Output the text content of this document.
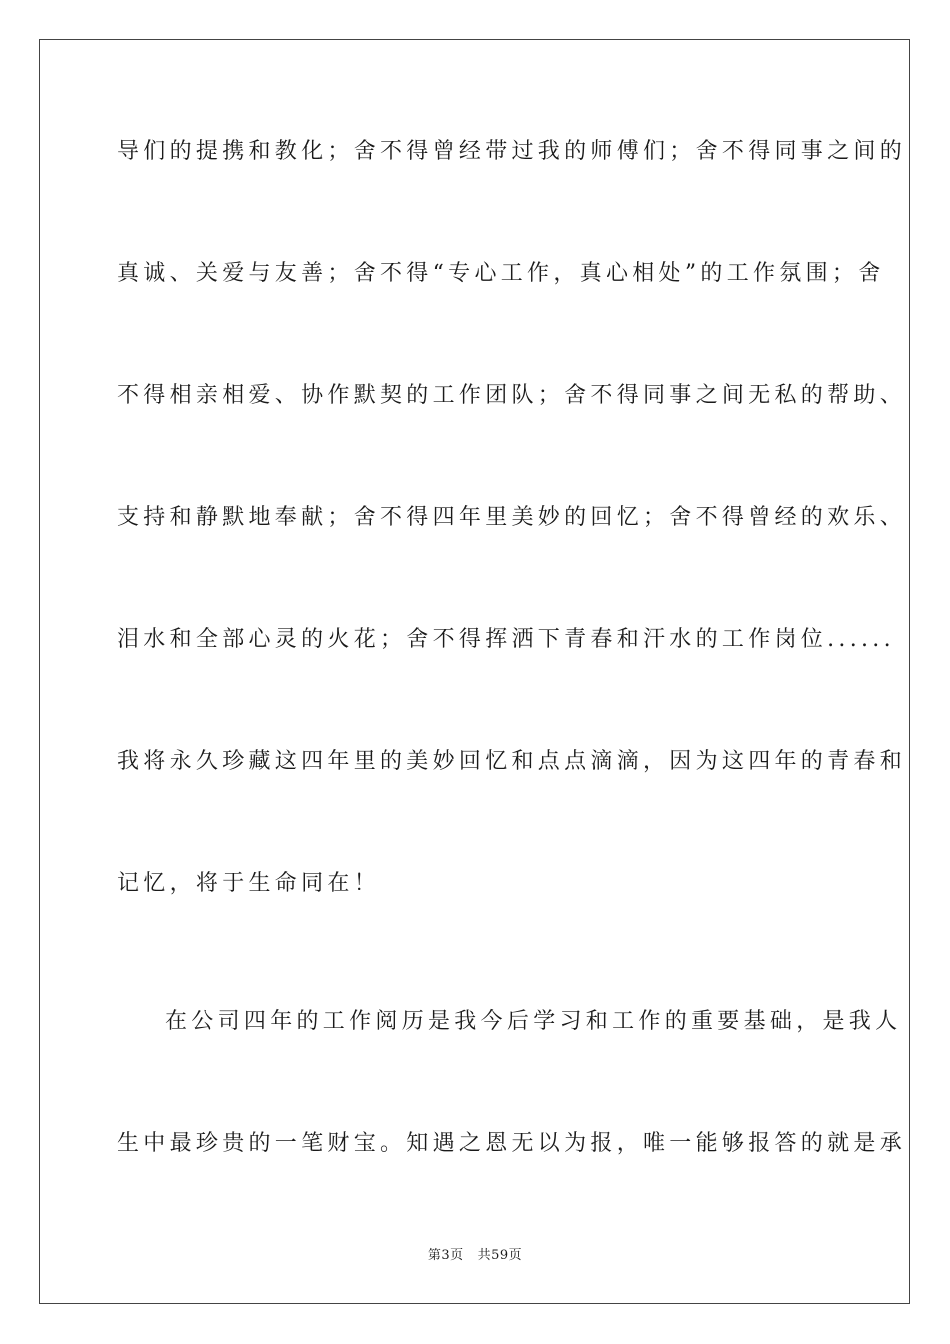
导们的提携和教化；舍不得曾经带过我的师傅们；舍不得同事之间的
真诚、关爱与友善；舍不得“专心工作，真心相处”的工作氛围；舍
不得相亲相爱、协作默契的工作团队；舍不得同事之间无私的帮助、
支持和静默地奉献；舍不得四年里美妙的回忆；舍不得曾经的欢乐、
泪水和全部心灵的火花；舍不得挥洒下青春和汗水的工作岗位......
我将永久珍藏这四年里的美妙回忆和点点滴滴，因为这四年的青春和
记忆，将于生命同在！
在公司四年的工作阅历是我今后学习和工作的重要基础，是我人
生中最珍贵的一笔财宝。知遇之恩无以为报，唯一能够报答的就是承
第3页 共59页
